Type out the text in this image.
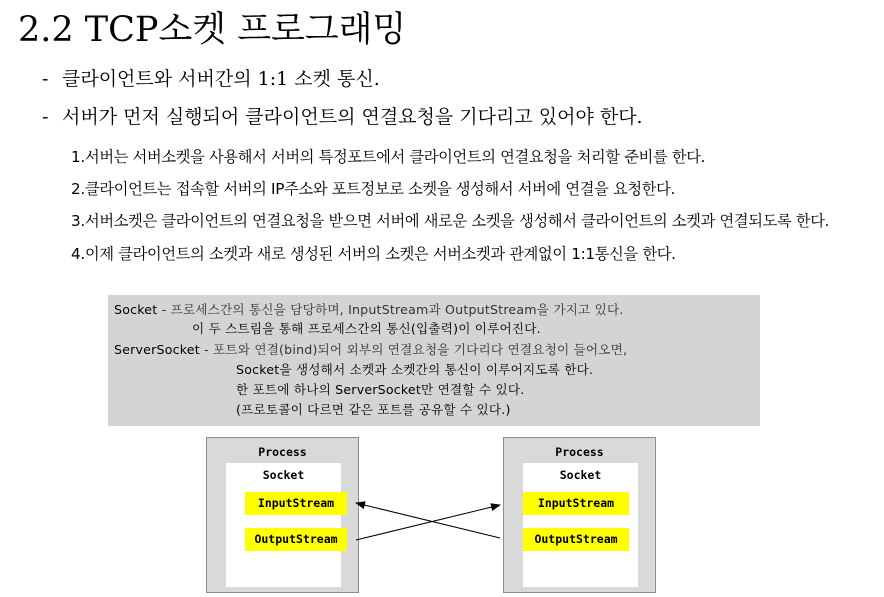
2.2 TCP소켓 프로그래밍
- 클라이언트와 서버간의 1:1 소켓 통신.
- 서버가 먼저 실행되어 클라이언트의 연결요청을 기다리고 있어야 한다.
1. 서버는 서버소켓을 사용해서 서버의 특정포트에서 클라이언트의 연결요청을 처리할 준비를 한다.
2. 클라이언트는 접속할 서버의 IP주소와 포트정보로 소켓을 생성해서 서버에 연결을 요청한다.
3. 서버소켓은 클라이언트의 연결요청을 받으면 서버에 새로운 소켓을 생성해서 클라이언트의 소켓과 연결되도록 한다.
4. 이제 클라이언트의 소켓과 새로 생성된 서버의 소켓은 서버소켓과 관계없이 1:1통신을 한다.
Socket - 프로세스간의 통신을 담당하며, InputStream과 OutputStream을 가지고 있다.
이 두 스트림을 통해 프로세스간의 통신(입출력)이 이루어진다.
ServerSocket - 포트와 연결(bind)되어 외부의 연결요청을 기다리다 연결요청이 들어오면,
Socket을 생성해서 소켓과 소켓간의 통신이 이루어지도록 한다.
한 포트에 하나의 ServerSocket만 연결할 수 있다.
(프로토콜이 다르면 같은 포트를 공유할 수 있다.)
Process
Socket
InputStream
OutputStream
Process
Socket
InputStream
OutputStream
